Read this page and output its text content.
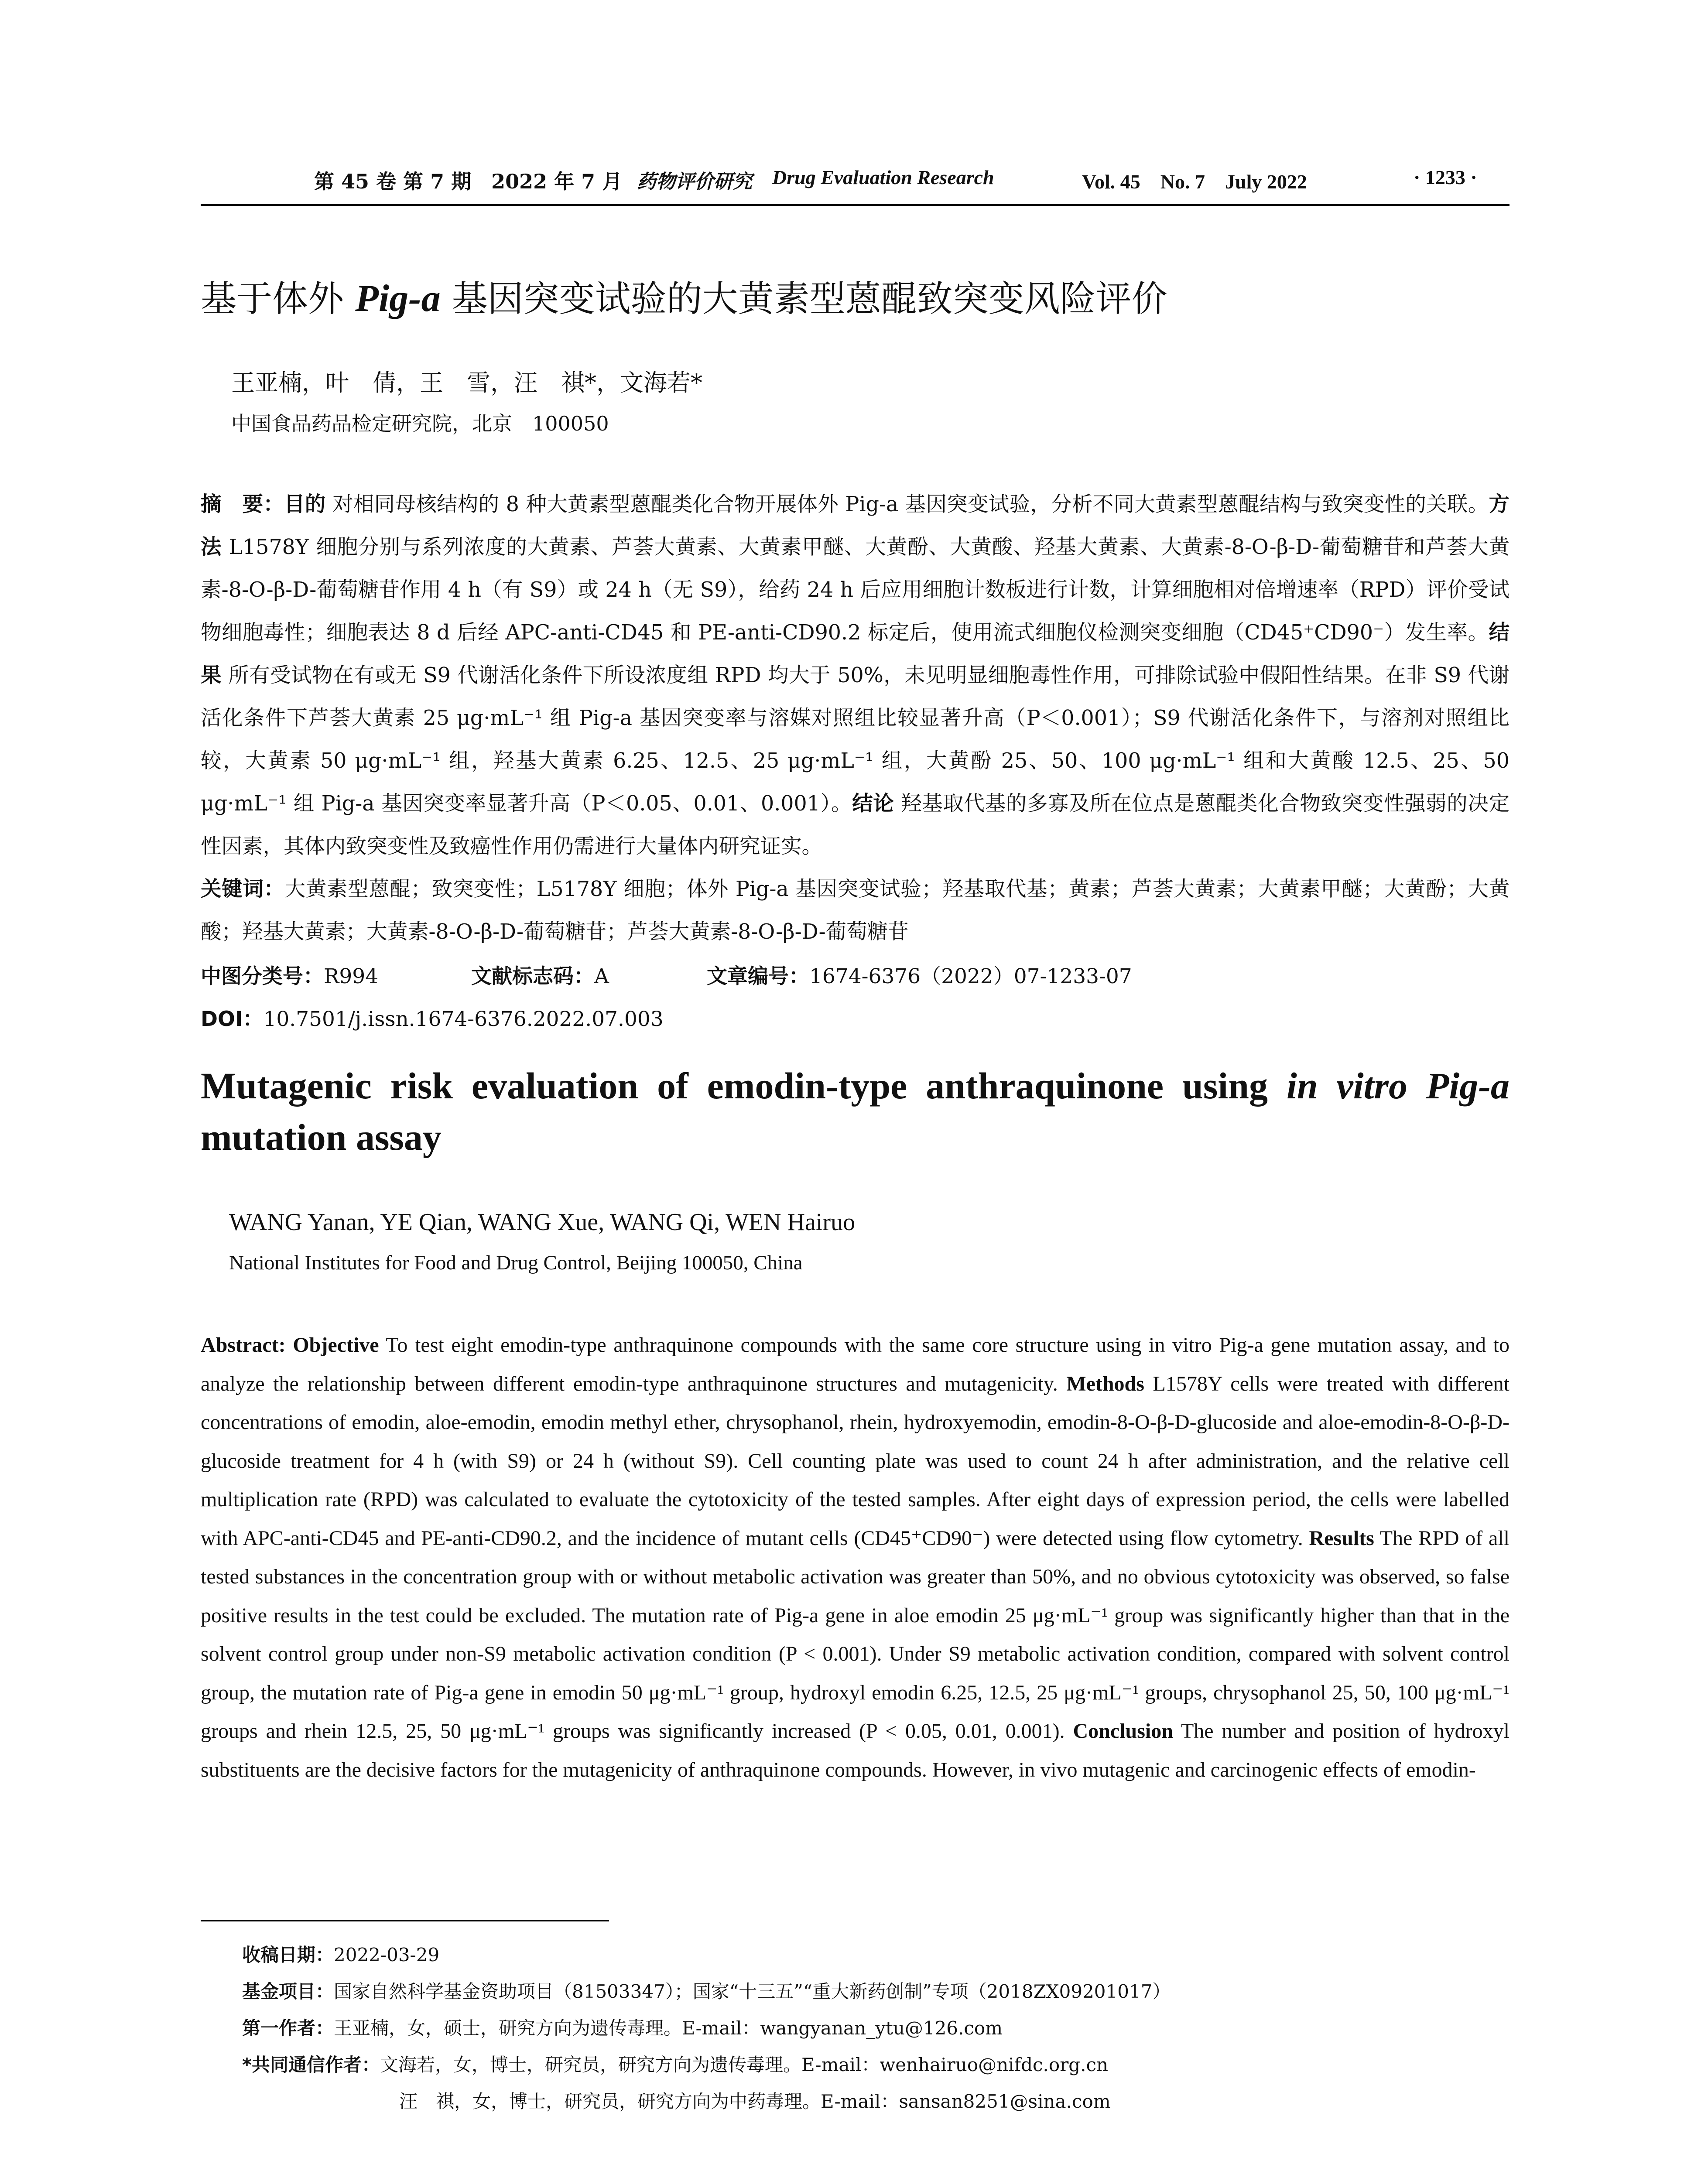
第 45 卷 第 7 期　2022 年 7 月 药物评价研究 Drug Evaluation Research	Vol. 45　No. 7　July 2022	· 1233 ·
基于体外 Pig-a 基因突变试验的大黄素型蒽醌致突变风险评价
王亚楠，叶　倩，王　雪，汪　祺*，文海若*
中国食品药品检定研究院，北京　100050

摘　要：目的 对相同母核结构的 8 种大黄素型蒽醌类化合物开展体外 Pig-a 基因突变试验，分析不同大黄素型蒽醌结构与致突变性的关联。方法 L1578Y 细胞分别与系列浓度的大黄素、芦荟大黄素、大黄素甲醚、大黄酚、大黄酸、羟基大黄素、大黄素-8-O-β-D-葡萄糖苷和芦荟大黄素-8-O-β-D-葡萄糖苷作用 4 h（有 S9）或 24 h（无 S9），给药 24 h 后应用细胞计数板进行计数，计算细胞相对倍增速率（RPD）评价受试物细胞毒性；细胞表达 8 d 后经 APC-anti-CD45 和 PE-anti-CD90.2 标定后，使用流式细胞仪检测突变细胞（CD45⁺CD90⁻）发生率。结果 所有受试物在有或无 S9 代谢活化条件下所设浓度组 RPD 均大于 50%，未见明显细胞毒性作用，可排除试验中假阳性结果。在非 S9 代谢活化条件下芦荟大黄素 25 μg·mL⁻¹ 组 Pig-a 基因突变率与溶媒对照组比较显著升高（P＜0.001）；S9 代谢活化条件下，与溶剂对照组比较，大黄素 50 μg·mL⁻¹ 组，羟基大黄素 6.25、12.5、25 μg·mL⁻¹ 组，大黄酚 25、50、100 μg·mL⁻¹ 组和大黄酸 12.5、25、50 μg·mL⁻¹ 组 Pig-a 基因突变率显著升高（P＜0.05、0.01、0.001）。结论 羟基取代基的多寡及所在位点是蒽醌类化合物致突变性强弱的决定性因素，其体内致突变性及致癌性作用仍需进行大量体内研究证实。

关键词：大黄素型蒽醌；致突变性；L5178Y 细胞；体外 Pig-a 基因突变试验；羟基取代基；黄素；芦荟大黄素；大黄素甲醚；大黄酚；大黄酸；羟基大黄素；大黄素-8-O-β-D-葡萄糖苷；芦荟大黄素-8-O-β-D-葡萄糖苷

中图分类号：R994	文献标志码：A	文章编号：1674-6376（2022）07-1233-07
DOI：10.7501/j.issn.1674-6376.2022.07.003
Mutagenic risk evaluation of emodin-type anthraquinone using in vitro Pig-a mutation assay
WANG Yanan, YE Qian, WANG Xue, WANG Qi, WEN Hairuo
National Institutes for Food and Drug Control, Beijing 100050, China

Abstract: Objective To test eight emodin-type anthraquinone compounds with the same core structure using in vitro Pig-a gene mutation assay, and to analyze the relationship between different emodin-type anthraquinone structures and mutagenicity. Methods L1578Y cells were treated with different concentrations of emodin, aloe-emodin, emodin methyl ether, chrysophanol, rhein, hydroxyemodin, emodin-8-O-β-D-glucoside and aloe-emodin-8-O-β-D-glucoside treatment for 4 h (with S9) or 24 h (without S9). Cell counting plate was used to count 24 h after administration, and the relative cell multiplication rate (RPD) was calculated to evaluate the cytotoxicity of the tested samples. After eight days of expression period, the cells were labelled with APC-anti-CD45 and PE-anti-CD90.2, and the incidence of mutant cells (CD45⁺CD90⁻) were detected using flow cytometry. Results The RPD of all tested substances in the concentration group with or without metabolic activation was greater than 50%, and no obvious cytotoxicity was observed, so false positive results in the test could be excluded. The mutation rate of Pig-a gene in aloe emodin 25 μg·mL⁻¹ group was significantly higher than that in the solvent control group under non-S9 metabolic activation condition (P < 0.001). Under S9 metabolic activation condition, compared with solvent control group, the mutation rate of Pig-a gene in emodin 50 μg·mL⁻¹ group, hydroxyl emodin 6.25, 12.5, 25 μg·mL⁻¹ groups, chrysophanol 25, 50, 100 μg·mL⁻¹ groups and rhein 12.5, 25, 50 μg·mL⁻¹ groups was significantly increased (P < 0.05, 0.01, 0.001). Conclusion The number and position of hydroxyl substituents are the decisive factors for the mutagenicity of anthraquinone compounds. However, in vivo mutagenic and carcinogenic effects of emodin-

收稿日期：2022-03-29
基金项目：国家自然科学基金资助项目（81503347）；国家“十三五”“重大新药创制”专项（2018ZX09201017）
第一作者：王亚楠，女，硕士，研究方向为遗传毒理。E-mail：wangyanan_ytu@126.com
*共同通信作者：文海若，女，博士，研究员，研究方向为遗传毒理。E-mail：wenhairuo@nifdc.org.cn
汪　祺，女，博士，研究员，研究方向为中药毒理。E-mail：sansan8251@sina.com
